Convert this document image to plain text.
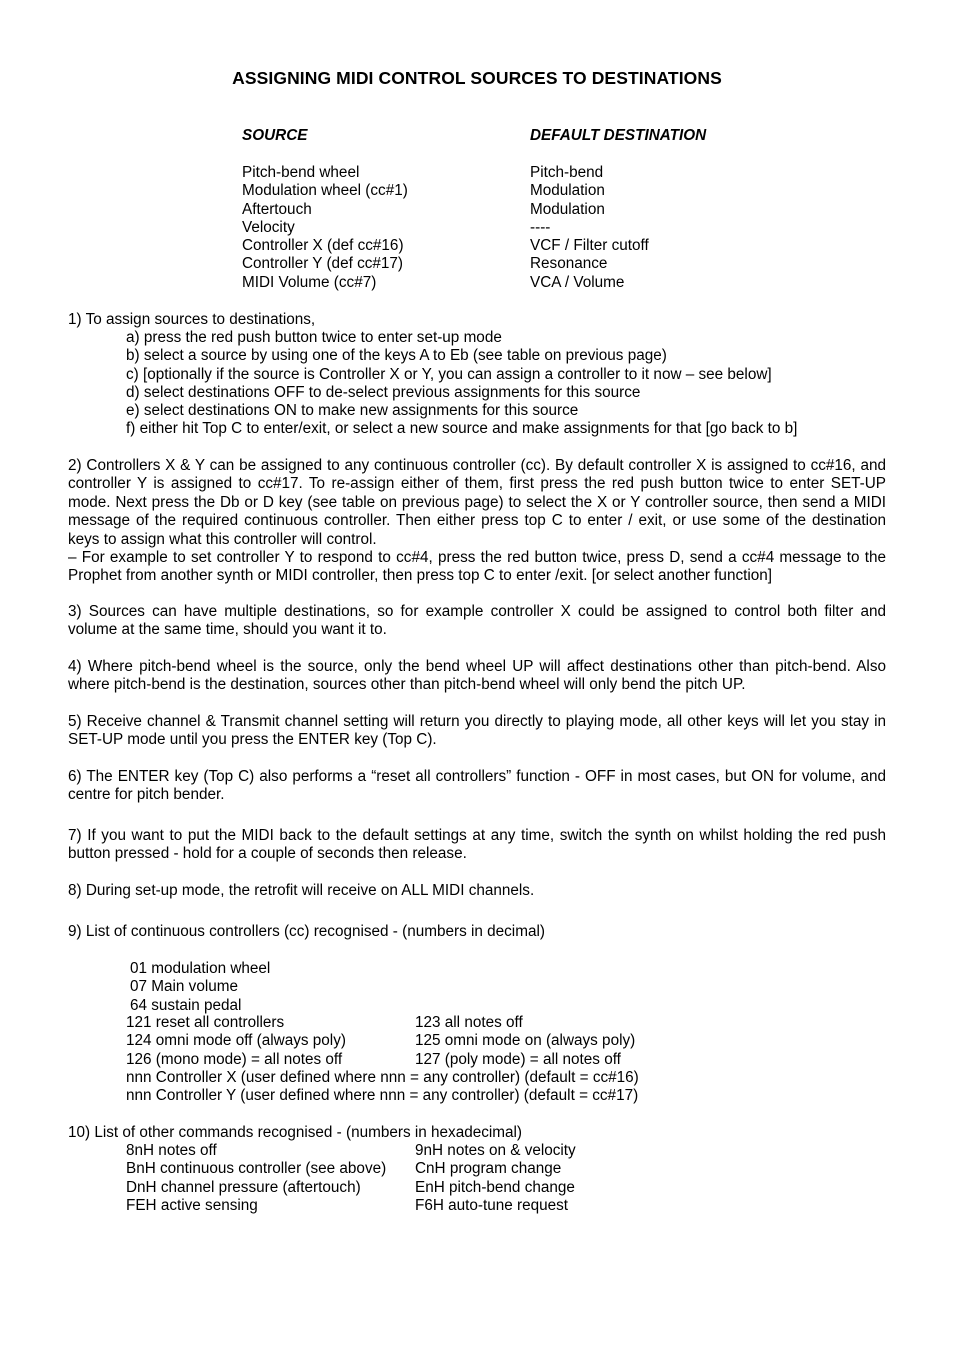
ASSIGNING MIDI CONTROL SOURCES TO DESTINATIONS
SOURCE	DEFAULT DESTINATION
Pitch-bend wheel
Modulation wheel (cc#1)
Aftertouch
Velocity
Controller X (def cc#16)
Controller Y (def cc#17)
MIDI Volume (cc#7)
Pitch-bend
Modulation
Modulation
----
VCF / Filter cutoff
Resonance
VCA / Volume
1) To assign sources to destinations,
a) press the red push button twice to enter set-up mode
b) select a source by using one of the keys A to Eb (see table on previous page)
c) [optionally if the source is Controller X or Y, you can assign a controller to it now – see below]
d) select destinations OFF to de-select previous assignments for this source
e) select destinations ON to make new assignments for this source
f) either hit Top C to enter/exit, or select a new source and make assignments for that [go back to b]
2) Controllers X & Y can be assigned to any continuous controller (cc). By default controller X is assigned to cc#16, and controller Y is assigned to cc#17. To re-assign either of them, first press the red push button twice to enter SET-UP mode. Next press the Db or D key (see table on previous page) to select the X or Y controller source, then send a MIDI message of the required continuous controller. Then either press top C to enter / exit, or use some of the destination keys to assign what this controller will control.
– For example to set controller Y to respond to cc#4, press the red button twice, press D, send a cc#4 message to the Prophet from another synth or MIDI controller, then press top C to enter /exit. [or select another function]
3) Sources can have multiple destinations, so for example controller X could be assigned to control both filter and volume at the same time, should you want it to.
4) Where pitch-bend wheel is the source, only the bend wheel UP will affect destinations other than pitch-bend. Also where pitch-bend is the destination, sources other than pitch-bend wheel will only bend the pitch UP.
5) Receive channel & Transmit channel setting will return you directly to playing mode, all other keys will let you stay in SET-UP mode until you press the ENTER key (Top C).
6) The ENTER key (Top C) also performs a “reset all controllers” function - OFF in most cases, but ON for volume, and centre for pitch bender.
7) If you want to put the MIDI back to the default settings at any time, switch the synth on whilst holding the red push button pressed - hold for a couple of seconds then release.
8) During set-up mode, the retrofit will receive on ALL MIDI channels.
9) List of continuous controllers (cc) recognised - (numbers in decimal)
01 modulation wheel
07 Main volume
64 sustain pedal
121 reset all controllers
124 omni mode off (always poly)
126 (mono mode) = all notes off
nnn Controller X (user defined where nnn = any controller) (default = cc#16)
nnn Controller Y (user defined where nnn = any controller) (default = cc#17)
123 all notes off
125 omni mode on (always poly)
127 (poly mode) = all notes off
10) List of other commands recognised - (numbers in hexadecimal)
8nH notes off
BnH continuous controller (see above)
DnH channel pressure (aftertouch)
FEH active sensing
9nH notes on & velocity
CnH program change
EnH pitch-bend change
F6H auto-tune request
